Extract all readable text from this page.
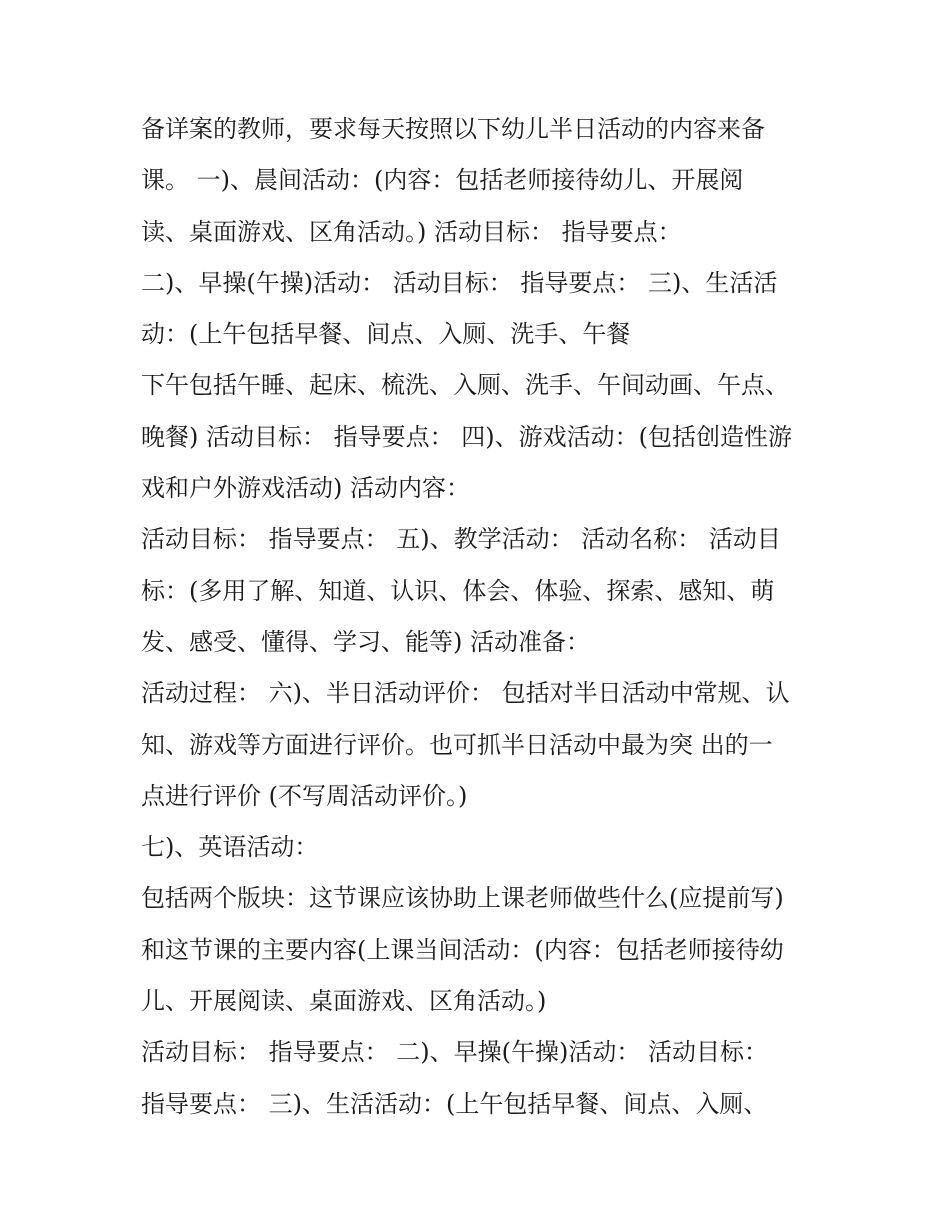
备详案的教师，要求每天按照以下幼儿半日活动的内容来备
课。 一)、晨间活动：(内容：包括老师接待幼儿、开展阅
读、桌面游戏、区角活动。) 活动目标： 指导要点：
二)、早操(午操)活动： 活动目标： 指导要点： 三)、生活活
动：(上午包括早餐、间点、入厕、洗手、午餐
下午包括午睡、起床、梳洗、入厕、洗手、午间动画、午点、
晚餐) 活动目标： 指导要点： 四)、游戏活动：(包括创造性游
戏和户外游戏活动) 活动内容：
活动目标： 指导要点： 五)、教学活动： 活动名称： 活动目
标：(多用了解、知道、认识、体会、体验、探索、感知、萌
发、感受、懂得、学习、能等) 活动准备：
活动过程： 六)、半日活动评价： 包括对半日活动中常规、认
知、游戏等方面进行评价。也可抓半日活动中最为突 出的一
点进行评价 (不写周活动评价。)
七)、英语活动：
包括两个版块：这节课应该协助上课老师做些什么(应提前写)
和这节课的主要内容(上课当间活动：(内容：包括老师接待幼
儿、开展阅读、桌面游戏、区角活动。)
活动目标： 指导要点： 二)、早操(午操)活动： 活动目标：
指导要点： 三)、生活活动：(上午包括早餐、间点、入厕、
